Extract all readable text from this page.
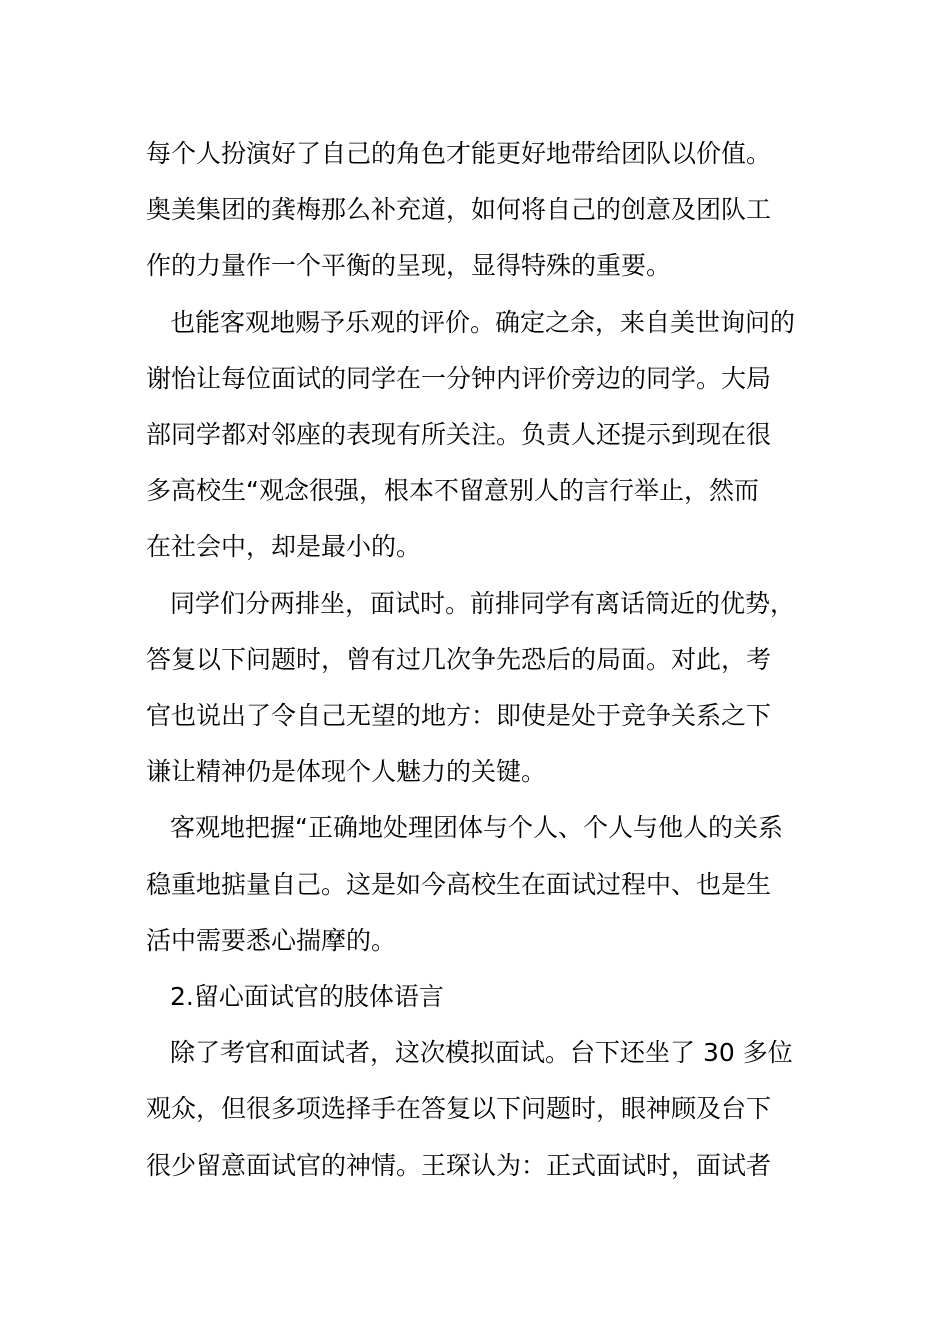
每个人扮演好了自己的角色才能更好地带给团队以价值。
奥美集团的龚梅那么补充道，如何将自己的创意及团队工
作的力量作一个平衡的呈现，显得特殊的重要。
也能客观地赐予乐观的评价。确定之余，来自美世询问的
谢怡让每位面试的同学在一分钟内评价旁边的同学。大局
部同学都对邻座的表现有所关注。负责人还提示到现在很
多高校生“观念很强，根本不留意别人的言行举止，然而
在社会中，却是最小的。
同学们分两排坐，面试时。前排同学有离话筒近的优势，
答复以下问题时，曾有过几次争先恐后的局面。对此，考
官也说出了令自己无望的地方：即使是处于竞争关系之下
谦让精神仍是体现个人魅力的关键。
客观地把握“正确地处理团体与个人、个人与他人的关系
稳重地掂量自己。这是如今高校生在面试过程中、也是生
活中需要悉心揣摩的。
2.留心面试官的肢体语言
除了考官和面试者，这次模拟面试。台下还坐了 30 多位
观众，但很多项选择手在答复以下问题时，眼神顾及台下
很少留意面试官的神情。王琛认为：正式面试时，面试者
